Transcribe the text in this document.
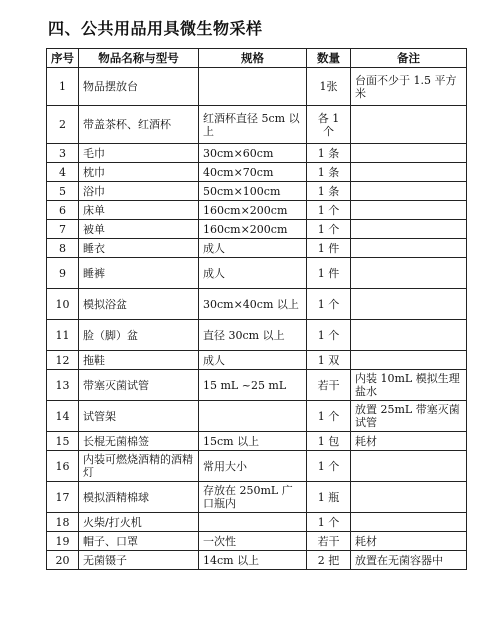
四、公共用品用具微生物采样
序号	物品名称与型号	规格	数量	备注
1	物品摆放台		1张	台面不少于 1.5 平方米
2	带盖茶杯、红酒杯	红酒杯直径 5cm 以上	各 1 个	
3	毛巾	30cm×60cm	1 条	
4	枕巾	40cm×70cm	1 条	
5	浴巾	50cm×100cm	1 条	
6	床单	160cm×200cm	1 个	
7	被单	160cm×200cm	1 个	
8	睡衣	成人	1 件	
9	睡裤	成人	1 件	
10	模拟浴盆	30cm×40cm 以上	1 个	
11	脸（脚）盆	直径 30cm 以上	1 个	
12	拖鞋	成人	1 双	
13	带塞灭菌试管	15 mL ~25 mL	若干	内装 10mL 模拟生理盐水
14	试管架		1 个	放置 25mL 带塞灭菌试管
15	长棍无菌棉签	15cm 以上	1 包	耗材
16	内装可燃烧酒精的酒精灯	常用大小	1 个	
17	模拟酒精棉球	存放在 250mL 广口瓶内	1 瓶	
18	火柴/打火机		1 个	
19	帽子、口罩	一次性	若干	耗材
20	无菌镊子	14cm 以上	2 把	放置在无菌容器中
